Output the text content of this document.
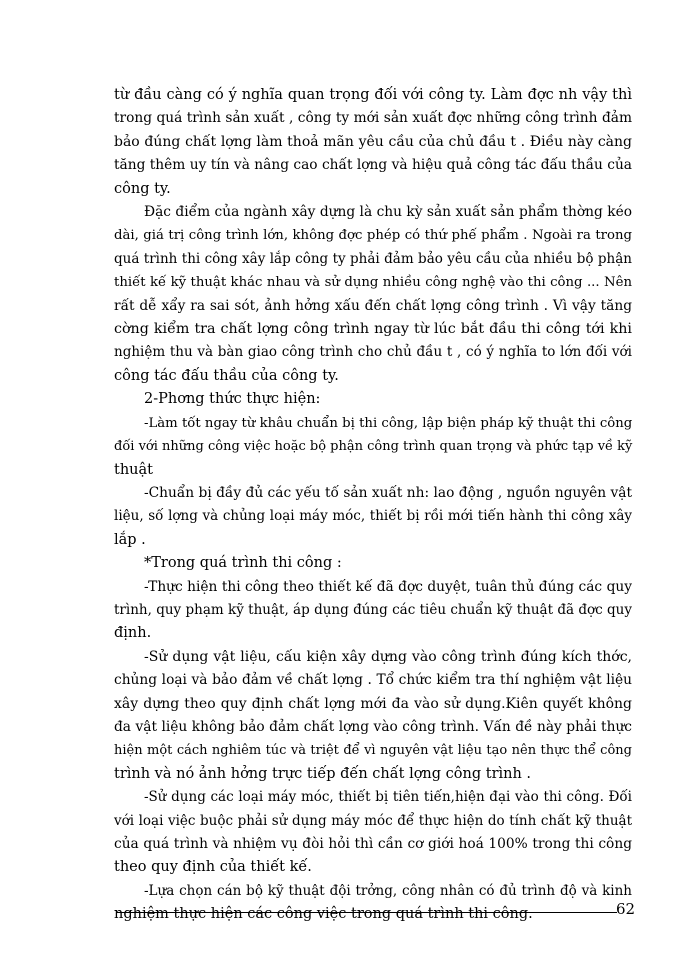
từ đầu càng có ý nghĩa quan trọng đối với công ty. Làm đợc nh vậy thì
trong quá trình sản xuất , công ty mới sản xuất đợc những công trình đảm
bảo đúng chất lợng làm thoả mãn yêu cầu của chủ đầu t . Điều này càng
tăng thêm uy tín và nâng cao chất lợng và hiệu quả công tác đấu thầu của
công ty.
Đặc điểm của ngành xây dựng là chu kỳ sản xuất sản phẩm thờng kéo
dài, giá trị công trình lớn, không đợc phép có thứ phế phẩm . Ngoài ra trong
quá trình thi công xây lắp công ty phải đảm bảo yêu cầu của nhiều bộ phận
thiết kế kỹ thuật khác nhau và sử dụng nhiều công nghệ vào thi công ... Nên
rất dễ xẩy ra sai sót, ảnh hởng xấu đến chất lợng công trình . Vì vậy tăng
cờng kiểm tra chất lợng công trình ngay từ lúc bắt đầu thi công tới khi
nghiệm thu và bàn giao công trình cho chủ đầu t , có ý nghĩa to lớn đối với
công tác đấu thầu của công ty.
2-Phơng thức thực hiện:
-Làm tốt ngay từ khâu chuẩn bị thi công, lập biện pháp kỹ thuật thi công
đối với những công việc hoặc bộ phận công trình quan trọng và phức tạp về kỹ
thuật
-Chuẩn bị đầy đủ các yếu tố sản xuất nh: lao động , nguồn nguyên vật
liệu, số lợng và chủng loại máy móc, thiết bị rồi mới tiến hành thi công xây
lắp .
*Trong quá trình thi công :
-Thực hiện thi công theo thiết kế đã đợc duyệt, tuân thủ đúng các quy
trình, quy phạm kỹ thuật, áp dụng đúng các tiêu chuẩn kỹ thuật đã đợc quy
định.
-Sử dụng vật liệu, cấu kiện xây dựng vào công trình đúng kích thớc,
chủng loại và bảo đảm về chất lợng . Tổ chức kiểm tra thí nghiệm vật liệu
xây dựng theo quy định chất lợng mới đa vào sử dụng.Kiên quyết không
đa vật liệu không bảo đảm chất lợng vào công trình. Vấn đề này phải thực
hiện một cách nghiêm túc và triệt để vì nguyên vật liệu tạo nên thực thể công
trình và nó ảnh hởng trực tiếp đến chất lợng công trình .
-Sử dụng các loại máy móc, thiết bị tiên tiến,hiện đại vào thi công. Đối
với loại việc buộc phải sử dụng máy móc để thực hiện do tính chất kỹ thuật
của quá trình và nhiệm vụ đòi hỏi thì cần cơ giới hoá 100% trong thi công
theo quy định của thiết kế.
-Lựa chọn cán bộ kỹ thuật đội trởng, công nhân có đủ trình độ và kinh
nghiệm thực hiện các công việc trong quá trình thi công.	62
